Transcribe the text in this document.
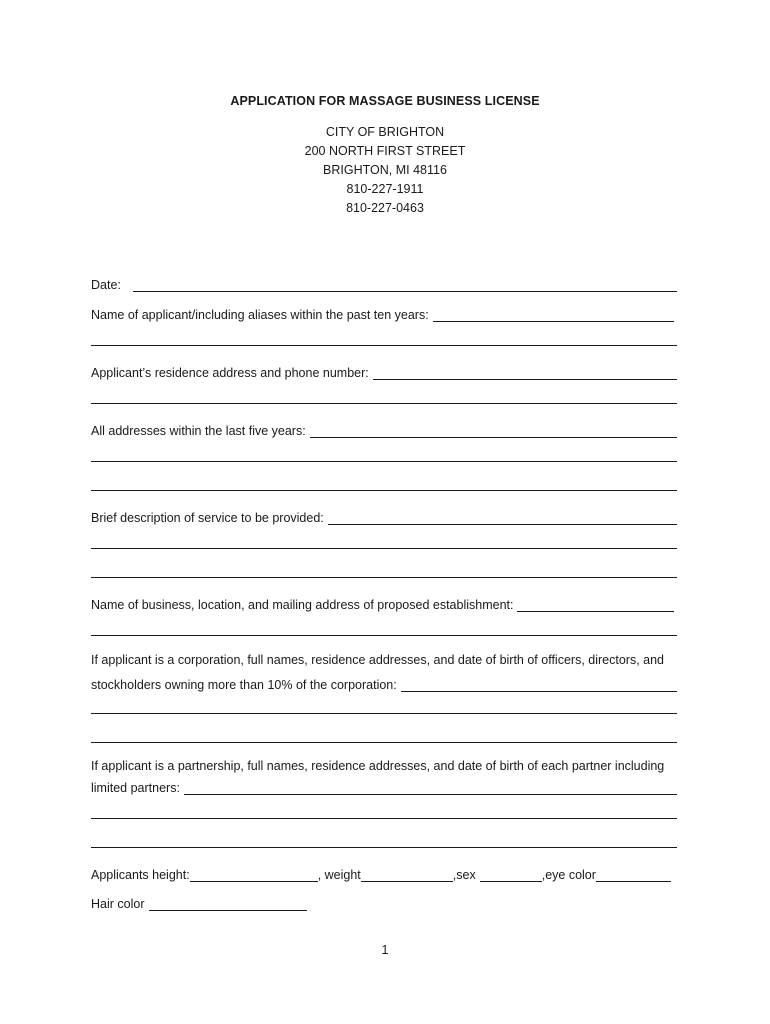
APPLICATION FOR MASSAGE BUSINESS LICENSE
CITY OF BRIGHTON
200 NORTH FIRST STREET
BRIGHTON, MI 48116
810-227-1911
810-227-0463
Date:
Name of applicant/including aliases within the past ten years:
Applicant’s residence address and phone number:
All addresses within the last five years:
Brief description of service to be provided:
Name of business, location, and mailing address of proposed establishment:
If applicant is a corporation, full names, residence addresses, and date of birth of officers, directors, and
stockholders owning more than 10% of the corporation:
If applicant is a partnership, full names, residence addresses, and date of birth of each partner including
limited partners:
Applicants height:	, weight	,sex	,eye color
Hair color
1
